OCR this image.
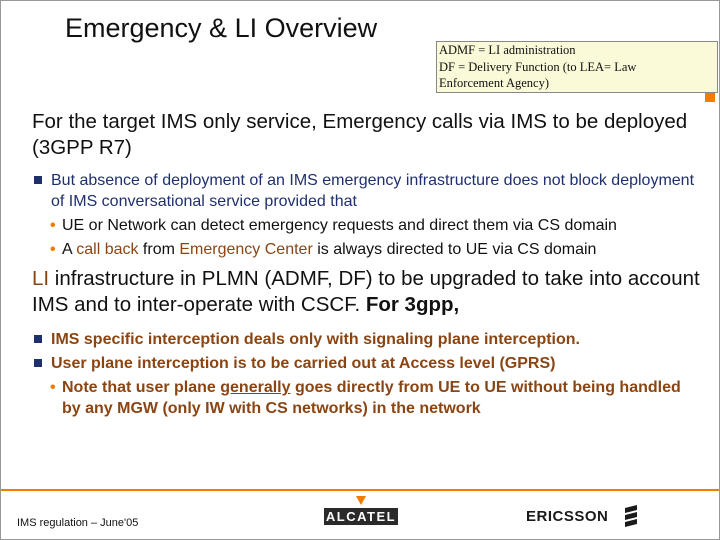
Emergency & LI Overview
ADMF = LI administration
DF = Delivery Function (to LEA= Law
Enforcement Agency)

For the target IMS only service, Emergency calls via IMS to be deployed (3GPP R7)

But absence of deployment of an IMS emergency infrastructure does not block deployment of IMS conversational service provided that

• UE or Network can detect emergency requests and direct them via CS domain

• A call back from Emergency Center is always directed to UE via CS domain

LI infrastructure in PLMN (ADMF, DF) to be upgraded to take into account IMS and to inter-operate with CSCF. For 3gpp,

IMS specific interception deals only with signaling plane interception.

User plane interception is to be carried out at Access level (GPRS)

• Note that user plane generally goes directly from UE to UE without being handled by any MGW (only IW with CS networks) in the network

IMS regulation – June'05	ALCATEL	ERICSSON
